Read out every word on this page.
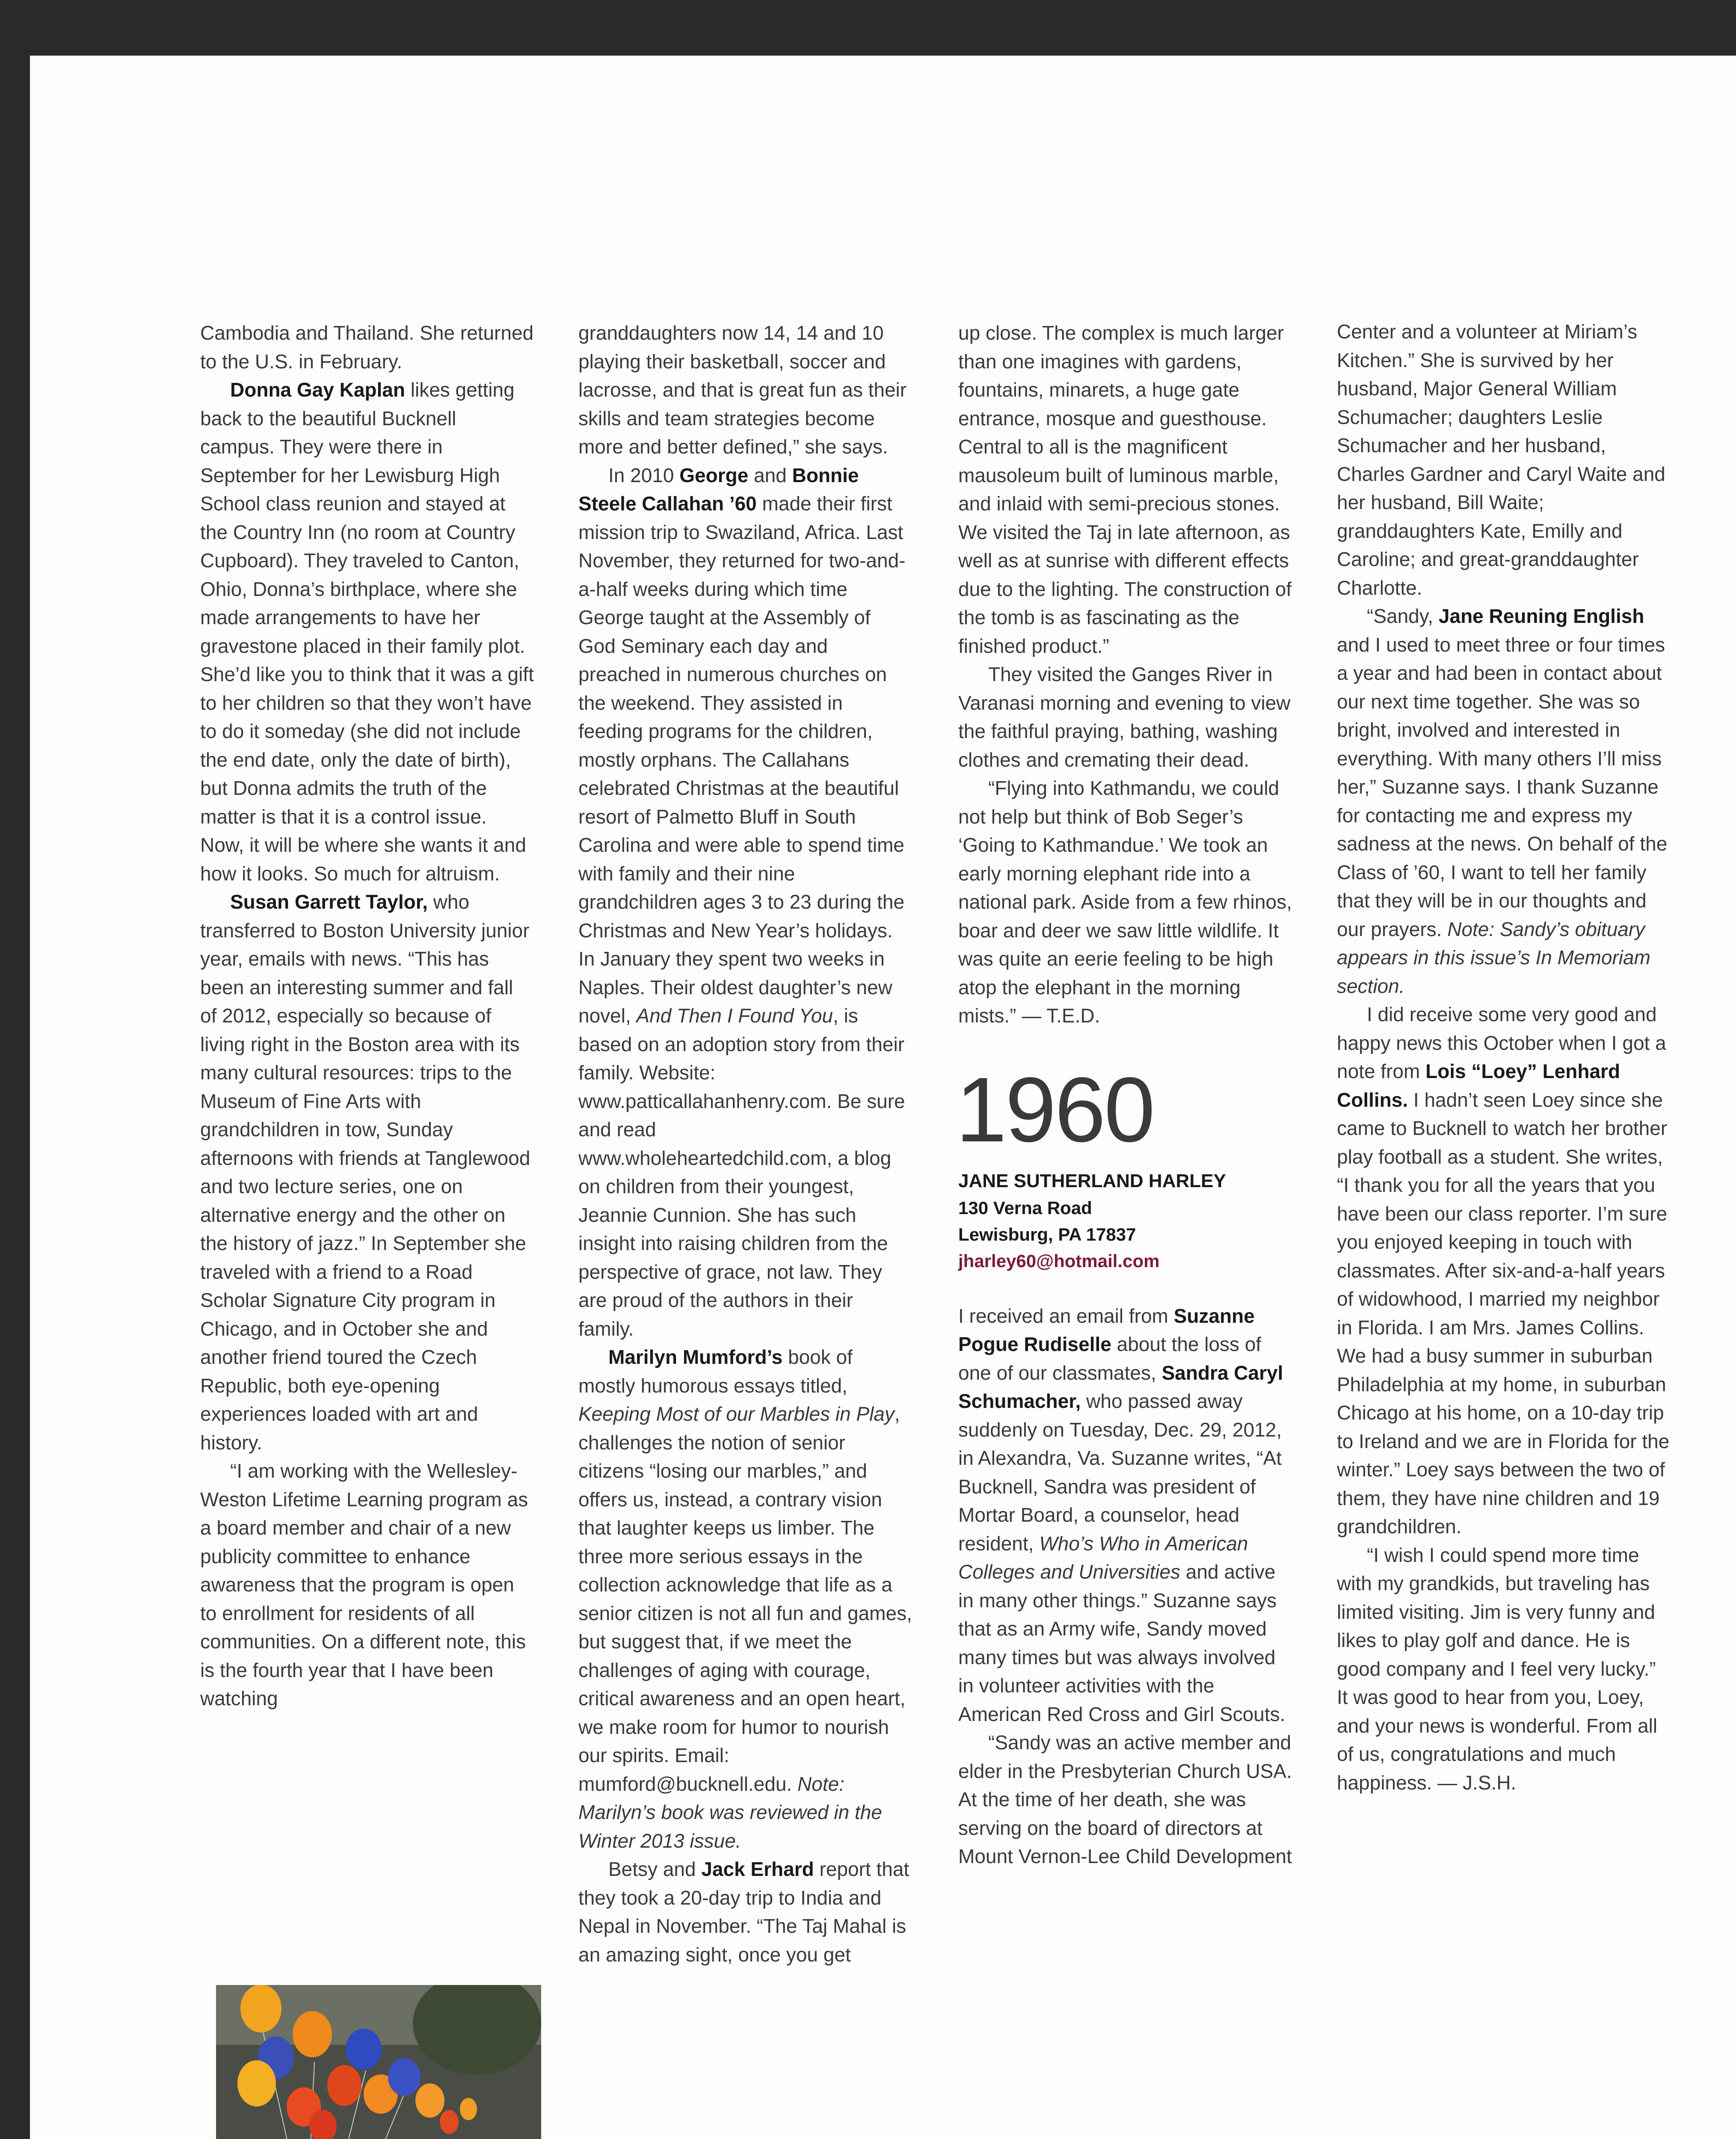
Cambodia and Thailand. She returned to the U.S. in February.

Donna Gay Kaplan likes getting back to the beautiful Bucknell campus. They were there in September for her Lewisburg High School class reunion and stayed at the Country Inn (no room at Country Cupboard). They traveled to Canton, Ohio, Donna’s birthplace, where she made arrangements to have her gravestone placed in their family plot. She’d like you to think that it was a gift to her children so that they won’t have to do it someday (she did not include the end date, only the date of birth), but Donna admits the truth of the matter is that it is a control issue. Now, it will be where she wants it and how it looks. So much for altruism.

Susan Garrett Taylor, who transferred to Boston University junior year, emails with news. “This has been an interesting summer and fall of 2012, especially so because of living right in the Boston area with its many cultural resources: trips to the Museum of Fine Arts with grandchildren in tow, Sunday afternoons with friends at Tanglewood and two lecture series, one on alternative energy and the other on the history of jazz.” In September she traveled with a friend to a Road Scholar Signature City program in Chicago, and in October she and another friend toured the Czech Republic, both eye-opening experiences loaded with art and history.

“I am working with the Wellesley-Weston Lifetime Learning program as a board member and chair of a new publicity committee to enhance awareness that the program is open to enrollment for residents of all communities. On a different note, this is the fourth year that I have been watching

granddaughters now 14, 14 and 10 playing their basketball, soccer and lacrosse, and that is great fun as their skills and team strategies become more and better defined,” she says.

In 2010 George and Bonnie Steele Callahan ’60 made their first mission trip to Swaziland, Africa. Last November, they returned for two-and-a-half weeks during which time George taught at the Assembly of God Seminary each day and preached in numerous churches on the weekend. They assisted in feeding programs for the children, mostly orphans. The Callahans celebrated Christmas at the beautiful resort of Palmetto Bluff in South Carolina and were able to spend time with family and their nine grandchildren ages 3 to 23 during the Christmas and New Year’s holidays. In January they spent two weeks in Naples. Their oldest daughter’s new novel, And Then I Found You, is based on an adoption story from their family. Website: www.patticallahanhenry.com. Be sure and read www.wholeheartedchild.com, a blog on children from their youngest, Jeannie Cunnion. She has such insight into raising children from the perspective of grace, not law. They are proud of the authors in their family.

Marilyn Mumford’s book of mostly humorous essays titled, Keeping Most of our Marbles in Play, challenges the notion of senior citizens “losing our marbles,” and offers us, instead, a contrary vision that laughter keeps us limber. The three more serious essays in the collection acknowledge that life as a senior citizen is not all fun and games, but suggest that, if we meet the challenges of aging with courage, critical awareness and an open heart, we make room for humor to nourish our spirits. Email: mumford@bucknell.edu. Note: Marilyn’s book was reviewed in the Winter 2013 issue.

Betsy and Jack Erhard report that they took a 20-day trip to India and Nepal in November. “The Taj Mahal is an amazing sight, once you get

up close. The complex is much larger than one imagines with gardens, fountains, minarets, a huge gate entrance, mosque and guesthouse. Central to all is the magnificent mausoleum built of luminous marble, and inlaid with semi-precious stones. We visited the Taj in late afternoon, as well as at sunrise with different effects due to the lighting. The construction of the tomb is as fascinating as the finished product.”

They visited the Ganges River in Varanasi morning and evening to view the faithful praying, bathing, washing clothes and cremating their dead.

“Flying into Kathmandu, we could not help but think of Bob Seger’s ‘Going to Kathmandue.’ We took an early morning elephant ride into a national park. Aside from a few rhinos, boar and deer we saw little wildlife. It was quite an eerie feeling to be high atop the elephant in the morning mists.” — T.E.D.

1960
JANE SUTHERLAND HARLEY
130 Verna Road
Lewisburg, PA 17837
jharley60@hotmail.com

I received an email from Suzanne Pogue Rudiselle about the loss of one of our classmates, Sandra Caryl Schumacher, who passed away suddenly on Tuesday, Dec. 29, 2012, in Alexandra, Va. Suzanne writes, “At Bucknell, Sandra was president of Mortar Board, a counselor, head resident, Who’s Who in American Colleges and Universities and active in many other things.” Suzanne says that as an Army wife, Sandy moved many times but was always involved in volunteer activities with the American Red Cross and Girl Scouts.

“Sandy was an active member and elder in the Presbyterian Church USA. At the time of her death, she was serving on the board of directors at Mount Vernon-Lee Child Development

Center and a volunteer at Miriam’s Kitchen.” She is survived by her husband, Major General William Schumacher; daughters Leslie Schumacher and her husband, Charles Gardner and Caryl Waite and her husband, Bill Waite; granddaughters Kate, Emilly and Caroline; and great-granddaughter Charlotte.

“Sandy, Jane Reuning English and I used to meet three or four times a year and had been in contact about our next time together. She was so bright, involved and interested in everything. With many others I’ll miss her,” Suzanne says. I thank Suzanne for contacting me and express my sadness at the news. On behalf of the Class of ’60, I want to tell her family that they will be in our thoughts and our prayers. Note: Sandy’s obituary appears in this issue’s In Memoriam section.

I did receive some very good and happy news this October when I got a note from Lois “Loey” Lenhard Collins. I hadn’t seen Loey since she came to Bucknell to watch her brother play football as a student. She writes, “I thank you for all the years that you have been our class reporter. I’m sure you enjoyed keeping in touch with classmates. After six-and-a-half years of widowhood, I married my neighbor in Florida. I am Mrs. James Collins. We had a busy summer in suburban Philadelphia at my home, in suburban Chicago at his home, on a 10-day trip to Ireland and we are in Florida for the winter.” Loey says between the two of them, they have nine children and 19 grandchildren.

“I wish I could spend more time with my grandkids, but traveling has limited visiting. Jim is very funny and likes to play golf and dance. He is good company and I feel very lucky.” It was good to hear from you, Loey, and your news is wonderful. From all of us, congratulations and much happiness. — J.S.H.
